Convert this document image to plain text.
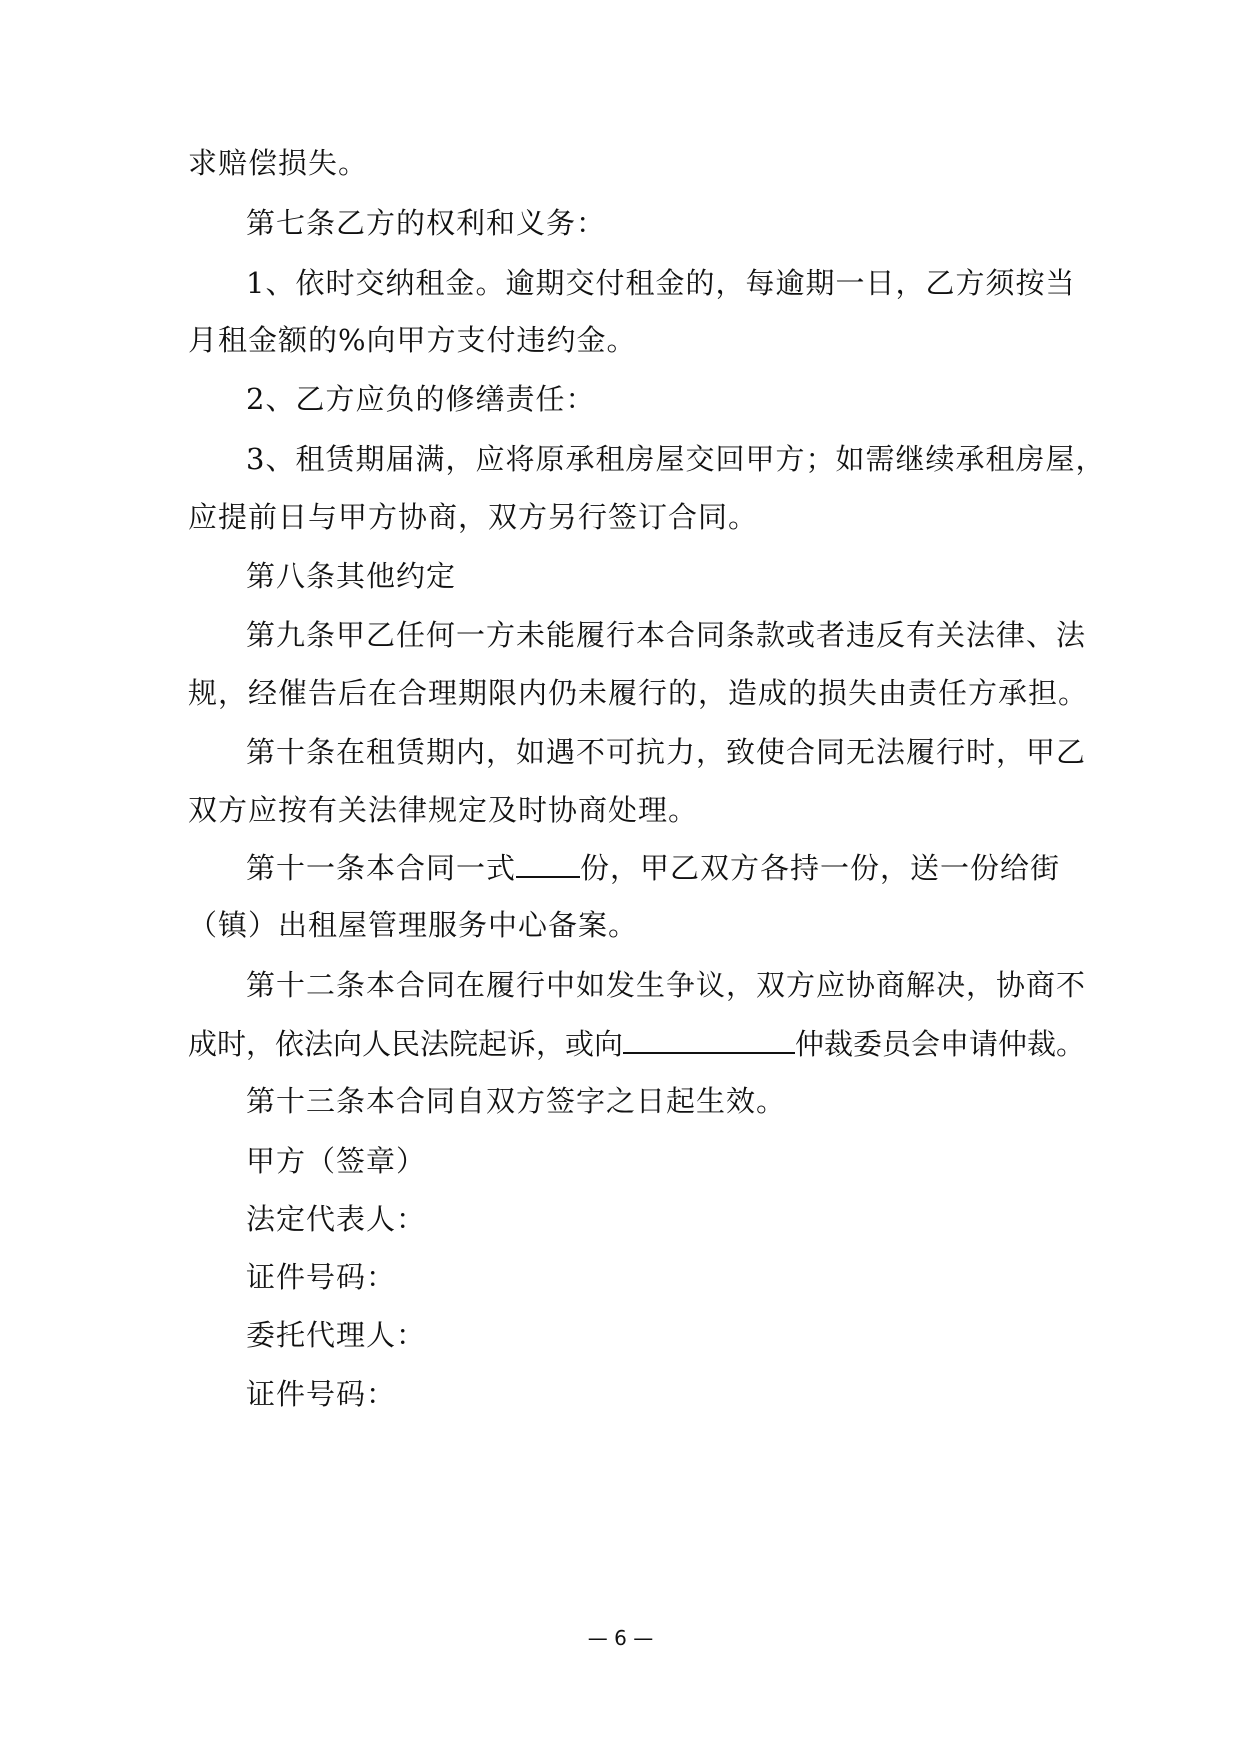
求赔偿损失。
第七条乙方的权利和义务：
1、依时交纳租金。逾期交付租金的，每逾期一日，乙方须按当
月租金额的%向甲方支付违约金。
2、乙方应负的修缮责任：
3、租赁期届满，应将原承租房屋交回甲方；如需继续承租房屋，
应提前日与甲方协商，双方另行签订合同。
第八条其他约定
第九条甲乙任何一方未能履行本合同条款或者违反有关法律、法
规，经催告后在合理期限内仍未履行的，造成的损失由责任方承担。
第十条在租赁期内，如遇不可抗力，致使合同无法履行时，甲乙
双方应按有关法律规定及时协商处理。
第十一条本合同一式 份，甲乙双方各持一份，送一份给街
（镇）出租屋管理服务中心备案。
第十二条本合同在履行中如发生争议，双方应协商解决，协商不
成时，依法向人民法院起诉，或向	仲裁委员会申请仲裁。
第十三条本合同自双方签字之日起生效。
甲方（签章）
法定代表人：
证件号码：
委托代理人：
证件号码：
— 6 —
